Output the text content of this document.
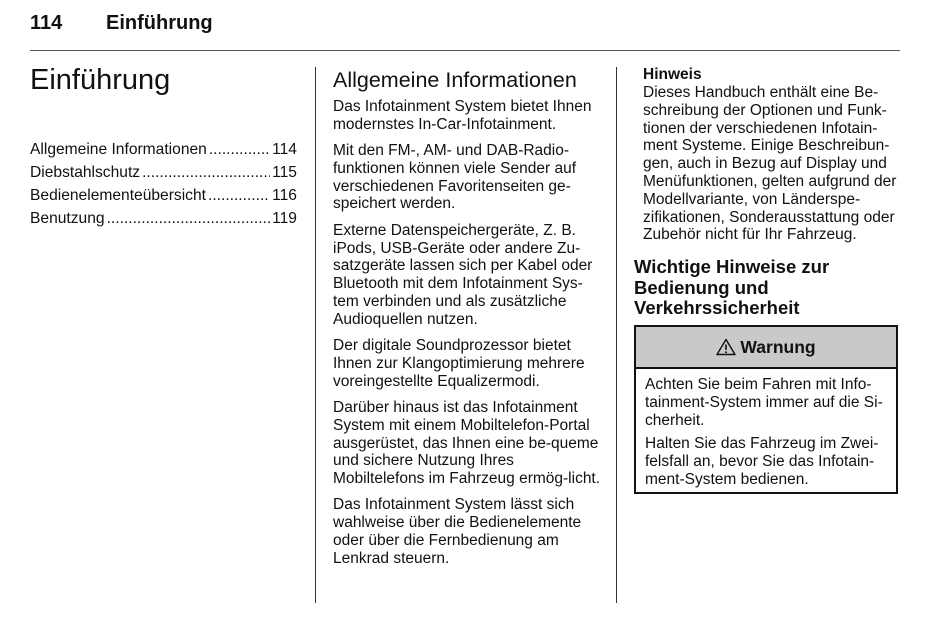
114 Einführung
Einführung
Allgemeine Informationen .....	114
Diebstahlschutz .....	115
Bedienelementeübersicht .....	116
Benutzung .....	119
Allgemeine Informationen

Das Infotainment System bietet Ihnen modernstes In-Car-Infotainment.

Mit den FM-, AM- und DAB-Radio-funktionen können viele Sender auf verschiedenen Favoritenseiten ge-speichert werden.

Externe Datenspeichergeräte, Z. B. iPods, USB-Geräte oder andere Zu-satzgeräte lassen sich per Kabel oder Bluetooth mit dem Infotainment Sys-tem verbinden und als zusätzliche Audioquellen nutzen.

Der digitale Soundprozessor bietet Ihnen zur Klangoptimierung mehrere voreingestellte Equalizermodi.

Darüber hinaus ist das Infotainment System mit einem Mobiltelefon-Portal ausgerüstet, das Ihnen eine be-queme und sichere Nutzung Ihres Mobiltelefons im Fahrzeug ermög-licht.

Das Infotainment System lässt sich wahlweise über die Bedienelemente oder über die Fernbedienung am Lenkrad steuern.

Hinweis

Dieses Handbuch enthält eine Be-schreibung der Optionen und Funk-tionen der verschiedenen Infotain-ment Systeme. Einige Beschreibun-gen, auch in Bezug auf Display und Menüfunktionen, gelten aufgrund der Modellvariante, von Länderspe-zifikationen, Sonderausstattung oder Zubehör nicht für Ihr Fahrzeug.

Wichtige Hinweise zur Bedienung und Verkehrssicherheit
Warnung

Achten Sie beim Fahren mit Info-tainment-System immer auf die Si-cherheit.

Halten Sie das Fahrzeug im Zwei-felsfall an, bevor Sie das Infotain-ment-System bedienen.
